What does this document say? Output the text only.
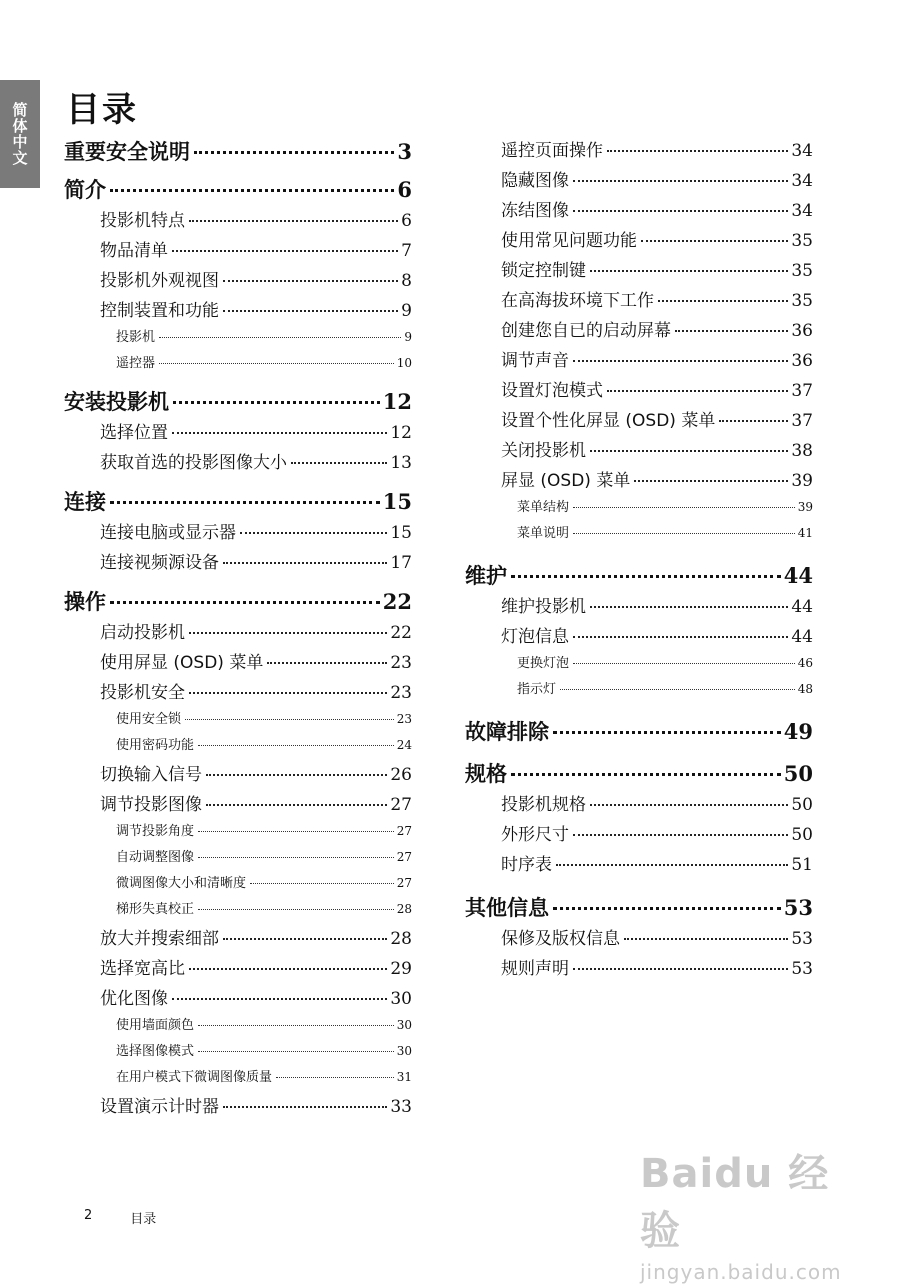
简体中文 目录
重要安全说明	3
简介	6
投影机特点	6
物品清单	7
投影机外观视图	8
控制装置和功能	9
投影机	9
遥控器	10
安装投影机	12
选择位置	12
获取首选的投影图像大小	13
连接	15
连接电脑或显示器	15
连接视频源设备	17
操作	22
启动投影机	22
使用屏显 (OSD) 菜单	23
投影机安全	23
使用安全锁	23
使用密码功能	24
切换输入信号	26
调节投影图像	27
调节投影角度	27
自动调整图像	27
微调图像大小和清晰度	27
梯形失真校正	28
放大并搜索细部	28
选择宽高比	29
优化图像	30
使用墙面颜色	30
选择图像模式	30
在用户模式下微调图像质量	31
设置演示计时器	33
遥控页面操作	34
隐藏图像	34
冻结图像	34
使用常见问题功能	35
锁定控制键	35
在高海拔环境下工作	35
创建您自已的启动屏幕	36
调节声音	36
设置灯泡模式	37
设置个性化屏显 (OSD) 菜单	37
关闭投影机	38
屏显 (OSD) 菜单	39
菜单结构	39
菜单说明	41
维护	44
维护投影机	44
灯泡信息	44
更换灯泡	46
指示灯	48
故障排除	49
规格	50
投影机规格	50
外形尺寸	50
时序表	51
其他信息	53
保修及版权信息	53
规则声明	53
2	目录
Baidu 经验
jingyan.baidu.com
